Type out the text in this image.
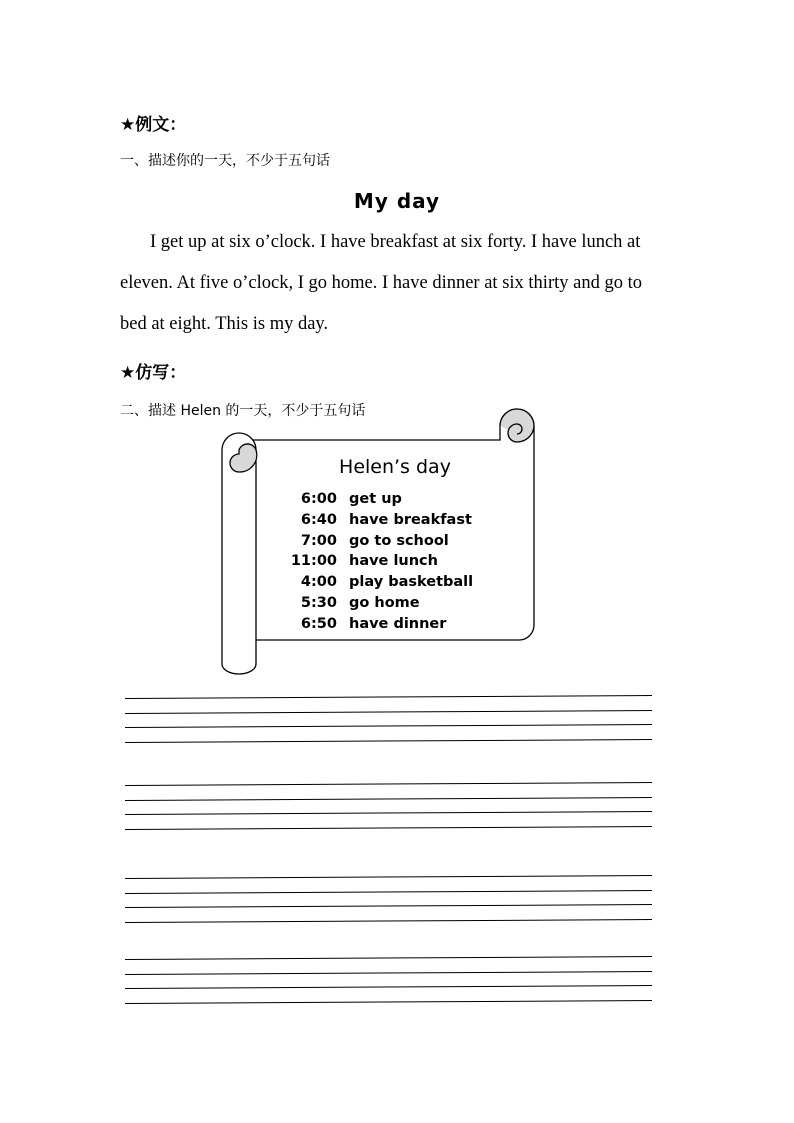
★例文：
一、描述你的一天，不少于五句话
My day
I get up at six o’clock. I have breakfast at six forty. I have lunch at eleven. At five o’clock, I go home. I have dinner at six thirty and go to bed at eight. This is my day.
★仿写：
二、描述 Helen 的一天，不少于五句话
Helen’s day
6:00 get up
6:40 have breakfast
7:00 go to school
11:00 have lunch
4:00 play basketball
5:30 go home
6:50 have dinner
